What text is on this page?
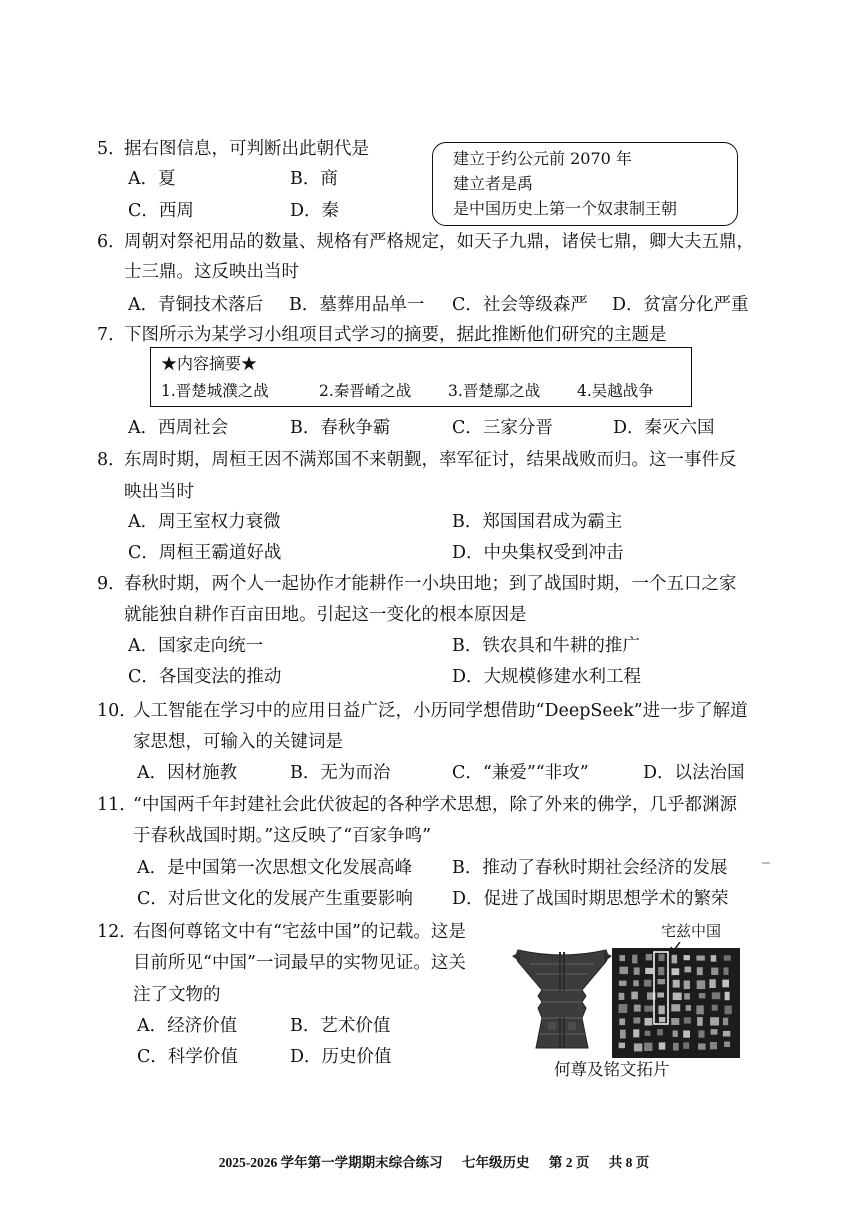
5．
据右图信息，可判断出此朝代是
A．夏	B．商
C．西周	D．秦
建立于约公元前 2070 年
建立者是禹
是中国历史上第一个奴隶制王朝
6．
周朝对祭祀用品的数量、规格有严格规定，如天子九鼎，诸侯七鼎，卿大夫五鼎，
士三鼎。这反映出当时
A．青铜技术落后 B．墓葬用品单一 C．社会等级森严 D．贫富分化严重
7．
下图所示为某学习小组项目式学习的摘要，据此推断他们研究的主题是
★内容摘要★
1.晋楚城濮之战	2.秦晋崤之战 3.晋楚鄢之战 4.吴越战争
A．西周社会	B．春秋争霸	C．三家分晋	D．秦灭六国
8．
东周时期，周桓王因不满郑国不来朝觐，率军征讨，结果战败而归。这一事件反
映出当时
A．周王室权力衰微	B．郑国国君成为霸主
C．周桓王霸道好战	D．中央集权受到冲击
9．
春秋时期，两个人一起协作才能耕作一小块田地；到了战国时期，一个五口之家
就能独自耕作百亩田地。引起这一变化的根本原因是
A．国家走向统一	B．铁农具和牛耕的推广
C．各国变法的推动	D．大规模修建水利工程
10．
人工智能在学习中的应用日益广泛，小历同学想借助“DeepSeek”进一步了解道
家思想，可输入的关键词是
A．因材施教	B．无为而治	C．“兼爱”“非攻”	D．以法治国
11．
“中国两千年封建社会此伏彼起的各种学术思想，除了外来的佛学，几乎都渊源
于春秋战国时期。”这反映了“百家争鸣”
A．是中国第一次思想文化发展高峰 B．推动了春秋时期社会经济的发展
C．对后世文化的发展产生重要影响 D．促进了战国时期思想学术的繁荣
12．
右图何尊铭文中有“宅兹中国”的记载。这是
目前所见“中国”一词最早的实物见证。这关
注了文物的
A．经济价值	B．艺术价值
C．科学价值	D．历史价值
宅兹中国
何尊及铭文拓片
2025-2026 学年第一学期期末综合练习 七年级历史 第 2 页 共 8 页
